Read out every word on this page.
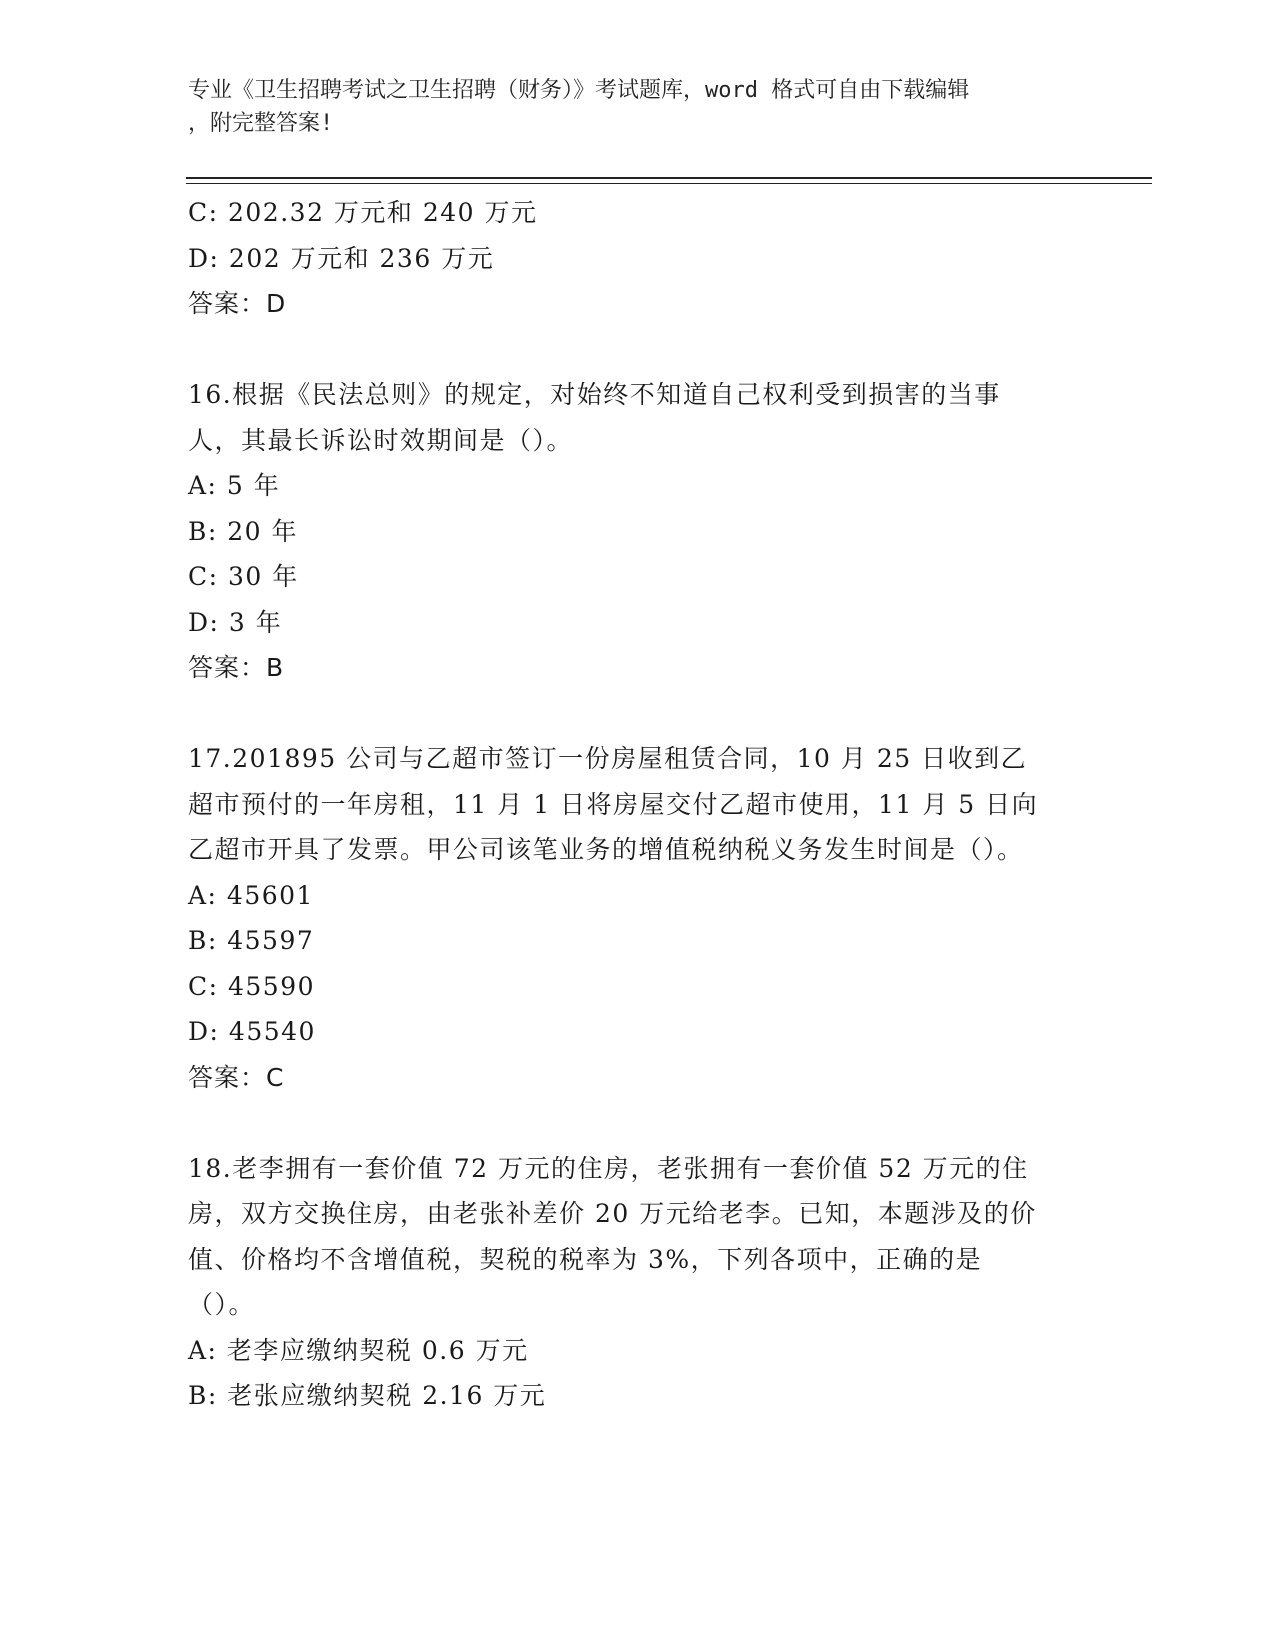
专业《卫生招聘考试之卫生招聘（财务）》考试题库，word 格式可自由下载编辑
，附完整答案!
C: 202.32 万元和 240 万元
D: 202 万元和 236 万元
答案：D
16.根据《民法总则》的规定，对始终不知道自己权利受到损害的当事人，其最长诉讼时效期间是（）。
A: 5 年
B: 20 年
C: 30 年
D: 3 年
答案：B
17.201895 公司与乙超市签订一份房屋租赁合同，10 月 25 日收到乙超市预付的一年房租，11 月 1 日将房屋交付乙超市使用，11 月 5 日向乙超市开具了发票。甲公司该笔业务的增值税纳税义务发生时间是（）。
A: 45601
B: 45597
C: 45590
D: 45540
答案：C
18.老李拥有一套价值 72 万元的住房，老张拥有一套价值 52 万元的住房，双方交换住房，由老张补差价 20 万元给老李。已知，本题涉及的价值、价格均不含增值税，契税的税率为 3%，下列各项中，正确的是（）。
A: 老李应缴纳契税 0.6 万元
B: 老张应缴纳契税 2.16 万元
